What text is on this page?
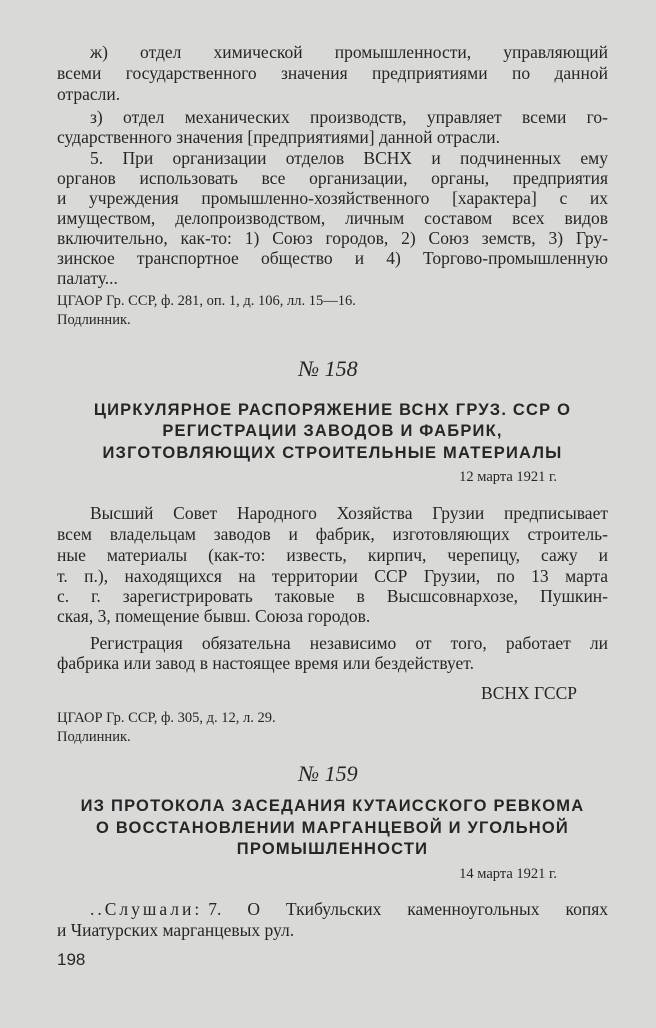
ж) отдел химической промышленности, управляющий
всеми государственного значения предприятиями по данной
отрасли.
з) отдел механических производств, управляет всеми го-
сударственного значения [предприятиями] данной отрасли.
5. При организации отделов ВСНХ и подчиненных ему
органов использовать все организации, органы, предприятия
и учреждения промышленно-хозяйственного [характера] с их
имуществом, делопроизводством, личным составом всех видов
включительно, как-то: 1) Союз городов, 2) Союз земств, 3) Гру-
зинское транспортное общество и 4) Торгово-промышленную
палату...
ЦГАОР Гр. ССР, ф. 281, оп. 1, д. 106, лл. 15—16.
Подлинник.
№ 158
ЦИРКУЛЯРНОЕ РАСПОРЯЖЕНИЕ ВСНХ ГРУЗ. ССР О
РЕГИСТРАЦИИ ЗАВОДОВ И ФАБРИК,
ИЗГОТОВЛЯЮЩИХ СТРОИТЕЛЬНЫЕ МАТЕРИАЛЫ
12 марта 1921 г.
Высший Совет Народного Хозяйства Грузии предписывает
всем владельцам заводов и фабрик, изготовляющих строитель-
ные материалы (как-то: известь, кирпич, черепицу, сажу и
т. п.), находящихся на территории ССР Грузии, по 13 марта
с. г. зарегистрировать таковые в Высшсовнархозе, Пушкин-
ская, 3, помещение бывш. Союза городов.
Регистрация обязательна независимо от того, работает ли
фабрика или завод в настоящее время или бездействует.
ВСНХ ГССР
ЦГАОР Гр. ССР, ф. 305, д. 12, л. 29.
Подлинник.
№ 159
ИЗ ПРОТОКОЛА ЗАСЕДАНИЯ КУТАИССКОГО РЕВКОМА
О ВОССТАНОВЛЕНИИ МАРГАНЦЕВОЙ И УГОЛЬНОЙ
ПРОМЫШЛЕННОСТИ
14 марта 1921 г.
..Слушали: 7. О Ткибульских каменноугольных копях
и Чиатурских марганцевых рул.
198
